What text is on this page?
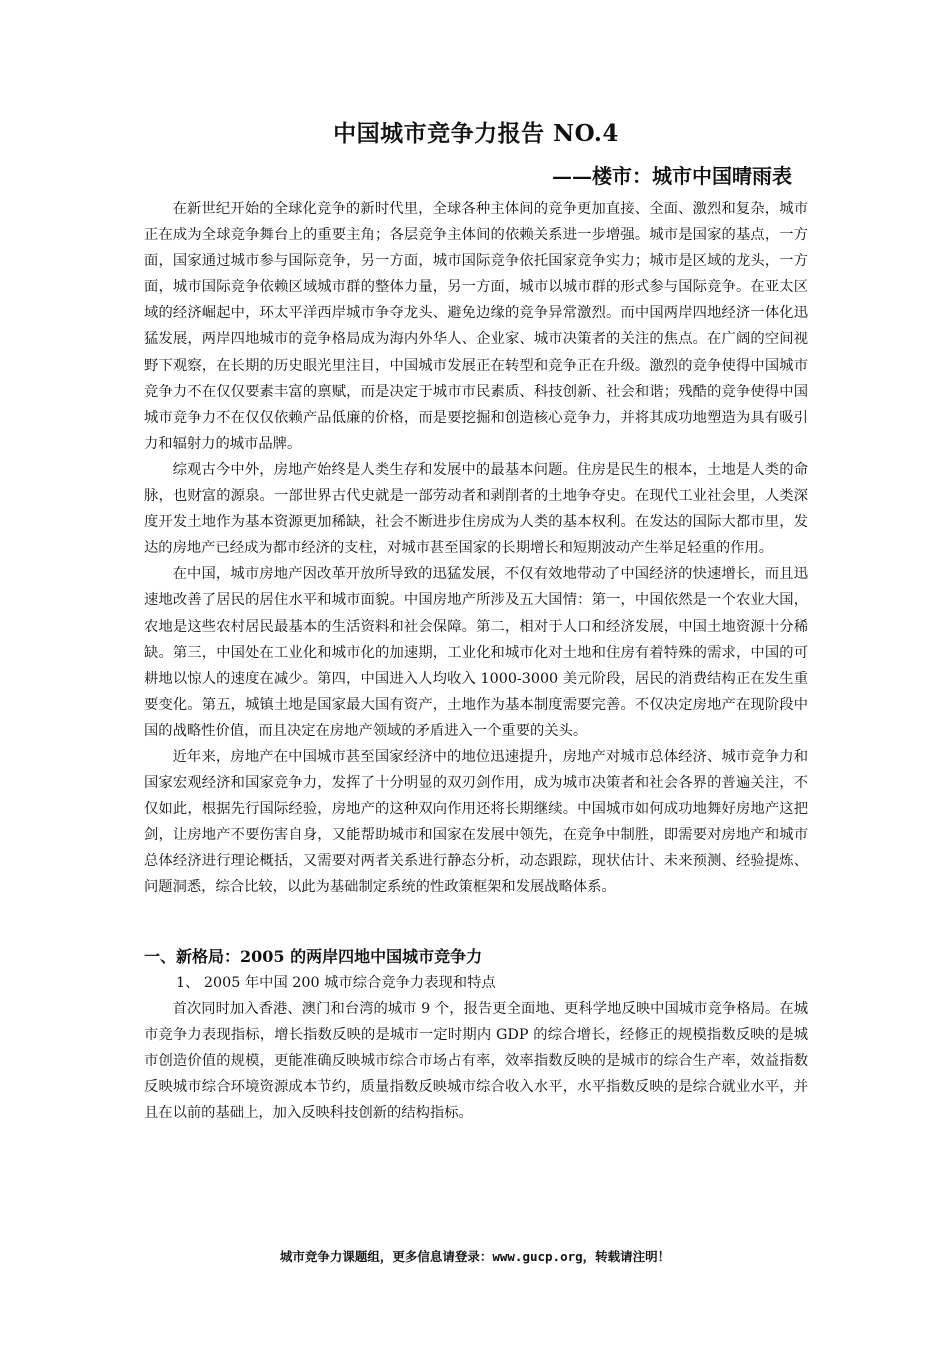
中国城市竞争力报告 NO.4
——楼市：城市中国晴雨表

在新世纪开始的全球化竞争的新时代里，全球各种主体间的竞争更加直接、全面、激烈和复杂，城市正在成为全球竞争舞台上的重要主角；各层竞争主体间的依赖关系进一步增强。城市是国家的基点，一方面，国家通过城市参与国际竞争，另一方面，城市国际竞争依托国家竞争实力；城市是区域的龙头，一方面，城市国际竞争依赖区域城市群的整体力量，另一方面，城市以城市群的形式参与国际竞争。在亚太区域的经济崛起中，环太平洋西岸城市争夺龙头、避免边缘的竞争异常激烈。而中国两岸四地经济一体化迅猛发展，两岸四地城市的竞争格局成为海内外华人、企业家、城市决策者的关注的焦点。在广阔的空间视野下观察，在长期的历史眼光里注目，中国城市发展正在转型和竞争正在升级。激烈的竞争使得中国城市竞争力不在仅仅要素丰富的禀赋，而是决定于城市市民素质、科技创新、社会和谐；残酷的竞争使得中国城市竞争力不在仅仅依赖产品低廉的价格，而是要挖掘和创造核心竞争力，并将其成功地塑造为具有吸引力和辐射力的城市品牌。

综观古今中外，房地产始终是人类生存和发展中的最基本问题。住房是民生的根本，土地是人类的命脉，也财富的源泉。一部世界古代史就是一部劳动者和剥削者的土地争夺史。在现代工业社会里，人类深度开发土地作为基本资源更加稀缺，社会不断进步住房成为人类的基本权利。在发达的国际大都市里，发达的房地产已经成为都市经济的支柱，对城市甚至国家的长期增长和短期波动产生举足轻重的作用。

在中国，城市房地产因改革开放所导致的迅猛发展，不仅有效地带动了中国经济的快速增长，而且迅速地改善了居民的居住水平和城市面貌。中国房地产所涉及五大国情：第一，中国依然是一个农业大国，农地是这些农村居民最基本的生活资料和社会保障。第二，相对于人口和经济发展，中国土地资源十分稀缺。第三，中国处在工业化和城市化的加速期，工业化和城市化对土地和住房有着特殊的需求，中国的可耕地以惊人的速度在减少。第四，中国进入人均收入 1000-3000 美元阶段，居民的消费结构正在发生重要变化。第五，城镇土地是国家最大国有资产，土地作为基本制度需要完善。不仅决定房地产在现阶段中国的战略性价值，而且决定在房地产领域的矛盾进入一个重要的关头。

近年来，房地产在中国城市甚至国家经济中的地位迅速提升，房地产对城市总体经济、城市竞争力和国家宏观经济和国家竞争力，发挥了十分明显的双刃剑作用，成为城市决策者和社会各界的普遍关注，不仅如此，根据先行国际经验，房地产的这种双向作用还将长期继续。中国城市如何成功地舞好房地产这把剑，让房地产不要伤害自身，又能帮助城市和国家在发展中领先，在竞争中制胜，即需要对房地产和城市总体经济进行理论概括，又需要对两者关系进行静态分析，动态跟踪，现状估计、未来预测、经验提炼、问题洞悉，综合比较，以此为基础制定系统的性政策框架和发展战略体系。

一、新格局：2005 的两岸四地中国城市竞争力

1、 2005 年中国 200 城市综合竞争力表现和特点

首次同时加入香港、澳门和台湾的城市 9 个，报告更全面地、更科学地反映中国城市竞争格局。在城市竞争力表现指标，增长指数反映的是城市一定时期内 GDP 的综合增长，经修正的规模指数反映的是城市创造价值的规模，更能准确反映城市综合市场占有率，效率指数反映的是城市的综合生产率，效益指数反映城市综合环境资源成本节约，质量指数反映城市综合收入水平，水平指数反映的是综合就业水平，并且在以前的基础上，加入反映科技创新的结构指标。

城市竞争力课题组，更多信息请登录：www.gucp.org，转载请注明！
